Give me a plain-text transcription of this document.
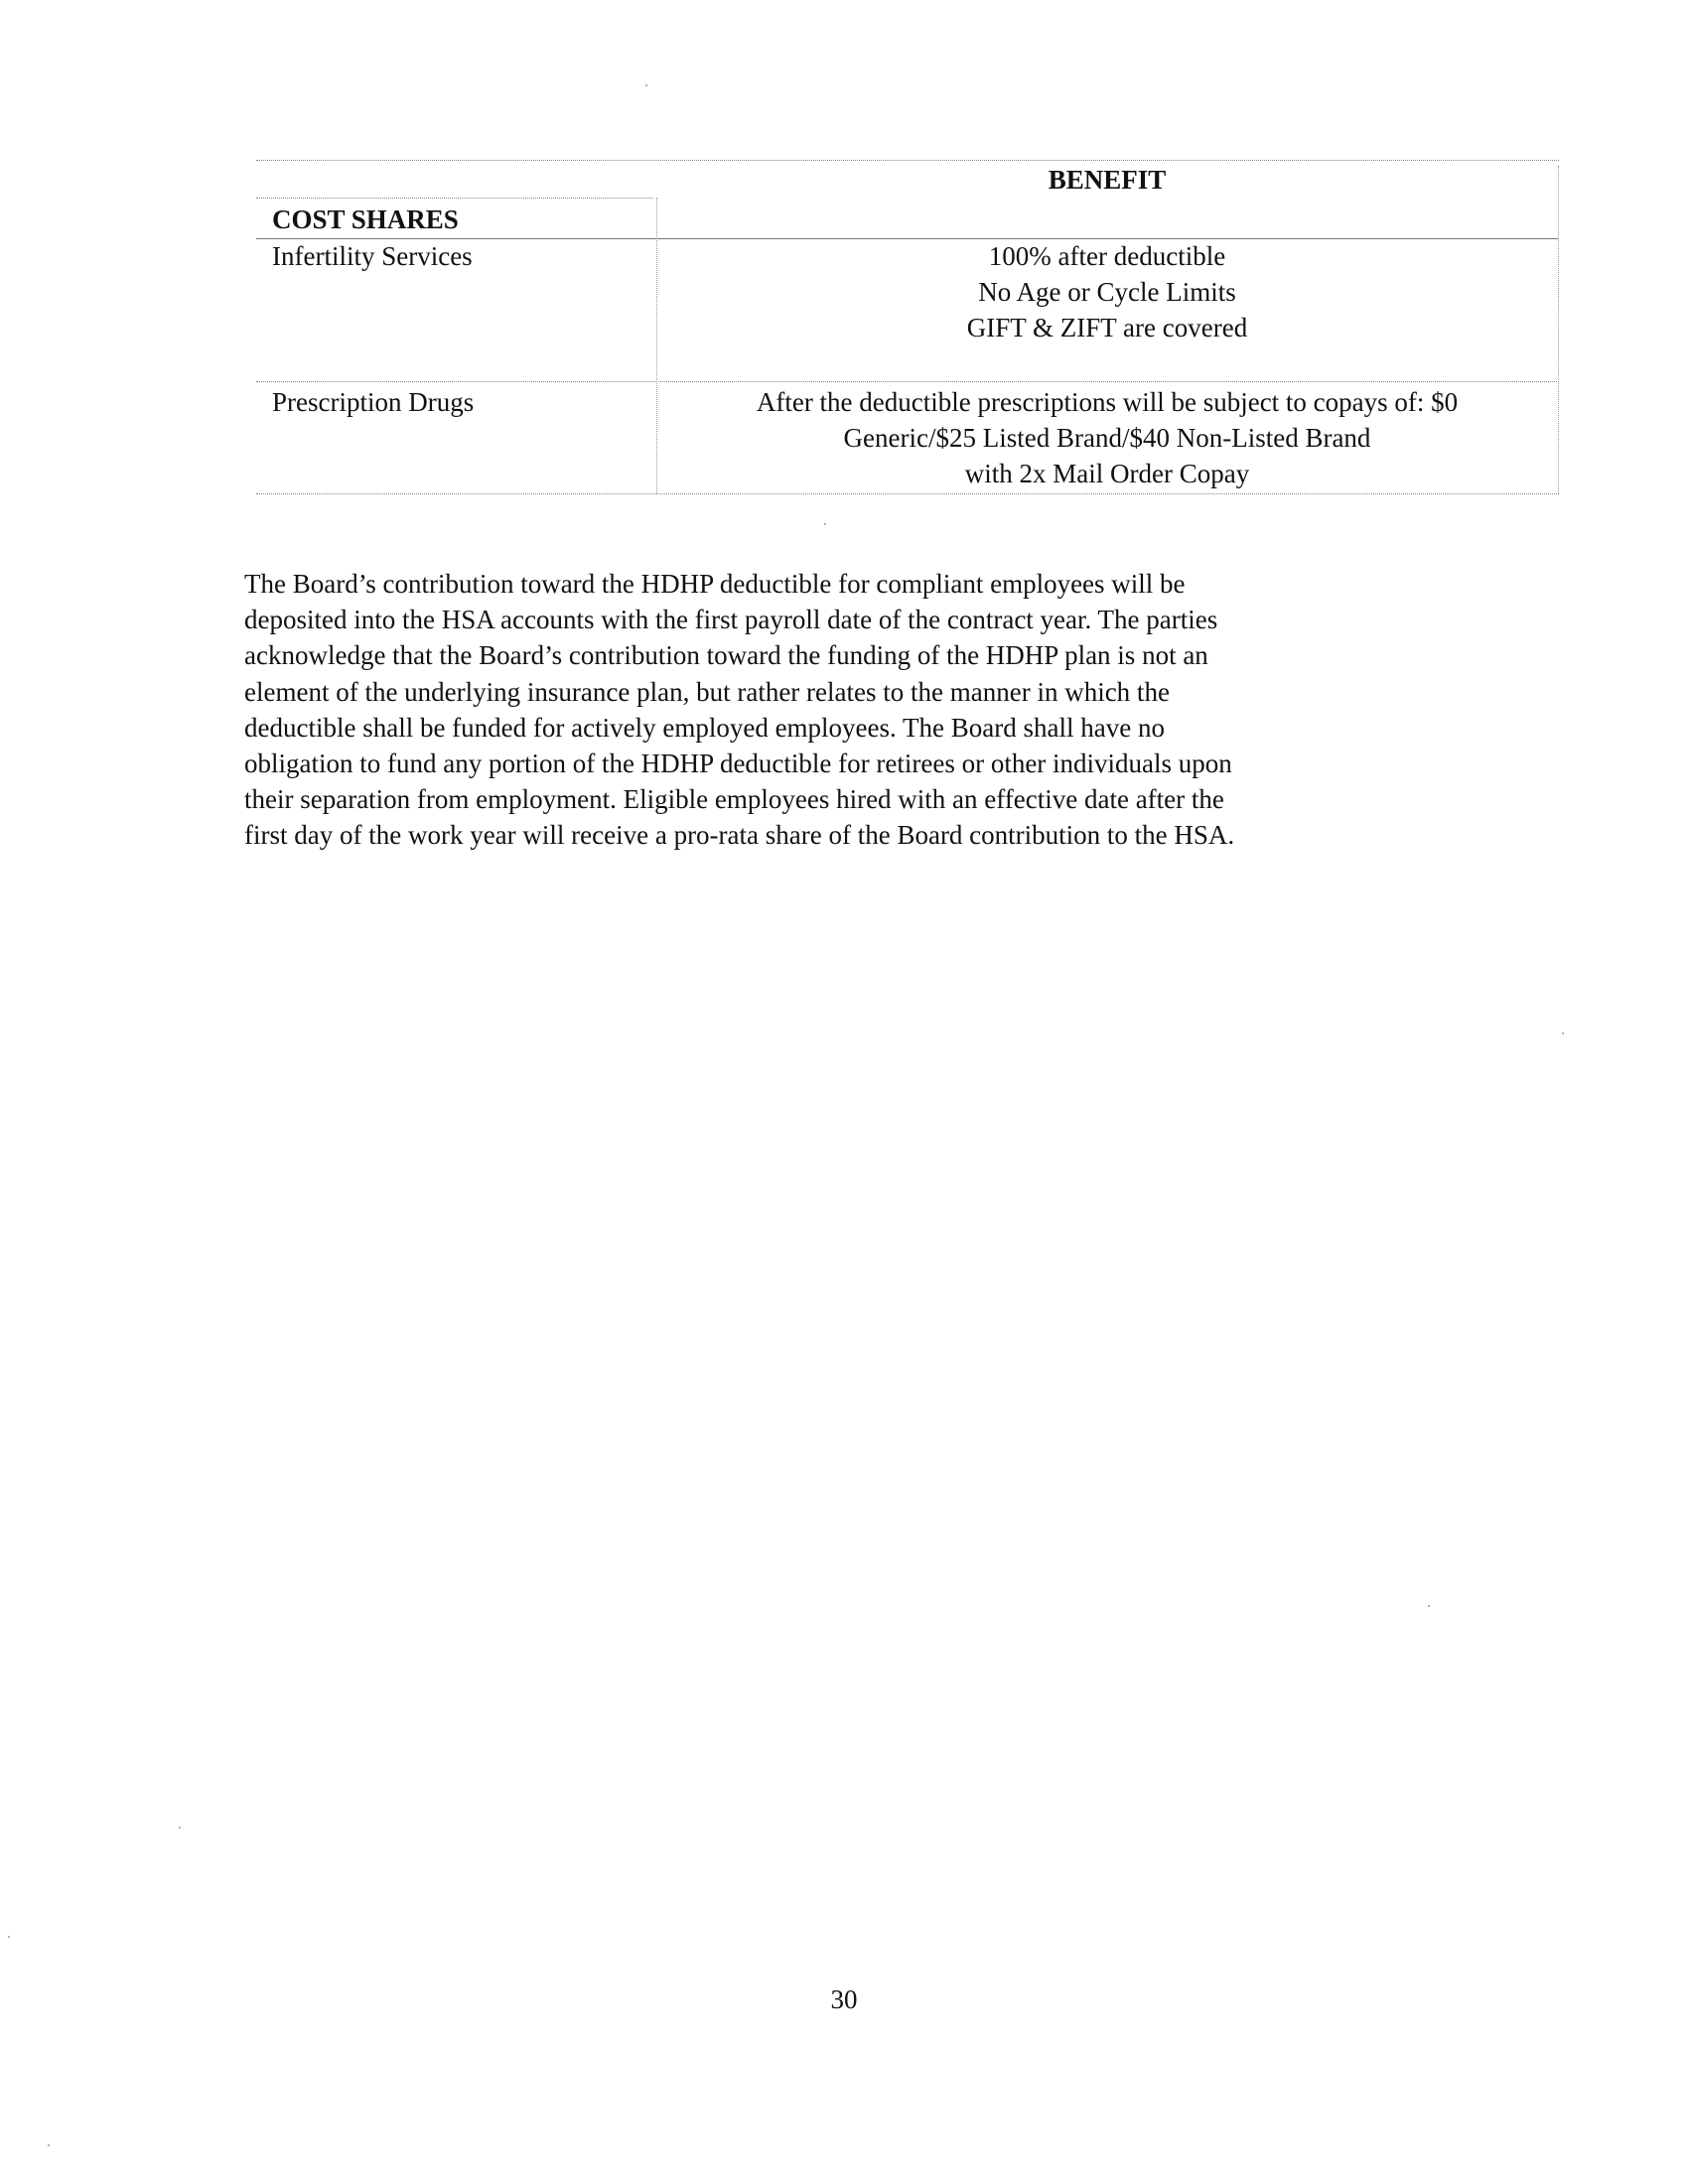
BENEFIT
COST SHARES
Infertility Services	100% after deductible
No Age or Cycle Limits
GIFT & ZIFT are covered
Prescription Drugs	After the deductible prescriptions will be subject to copays of: $0
Generic/$25 Listed Brand/$40 Non-Listed Brand
with 2x Mail Order Copay
The Board’s contribution toward the HDHP deductible for compliant employees will be
deposited into the HSA accounts with the first payroll date of the contract year. The parties
acknowledge that the Board’s contribution toward the funding of the HDHP plan is not an
element of the underlying insurance plan, but rather relates to the manner in which the
deductible shall be funded for actively employed employees. The Board shall have no
obligation to fund any portion of the HDHP deductible for retirees or other individuals upon
their separation from employment. Eligible employees hired with an effective date after the
first day of the work year will receive a pro-rata share of the Board contribution to the HSA.
30
